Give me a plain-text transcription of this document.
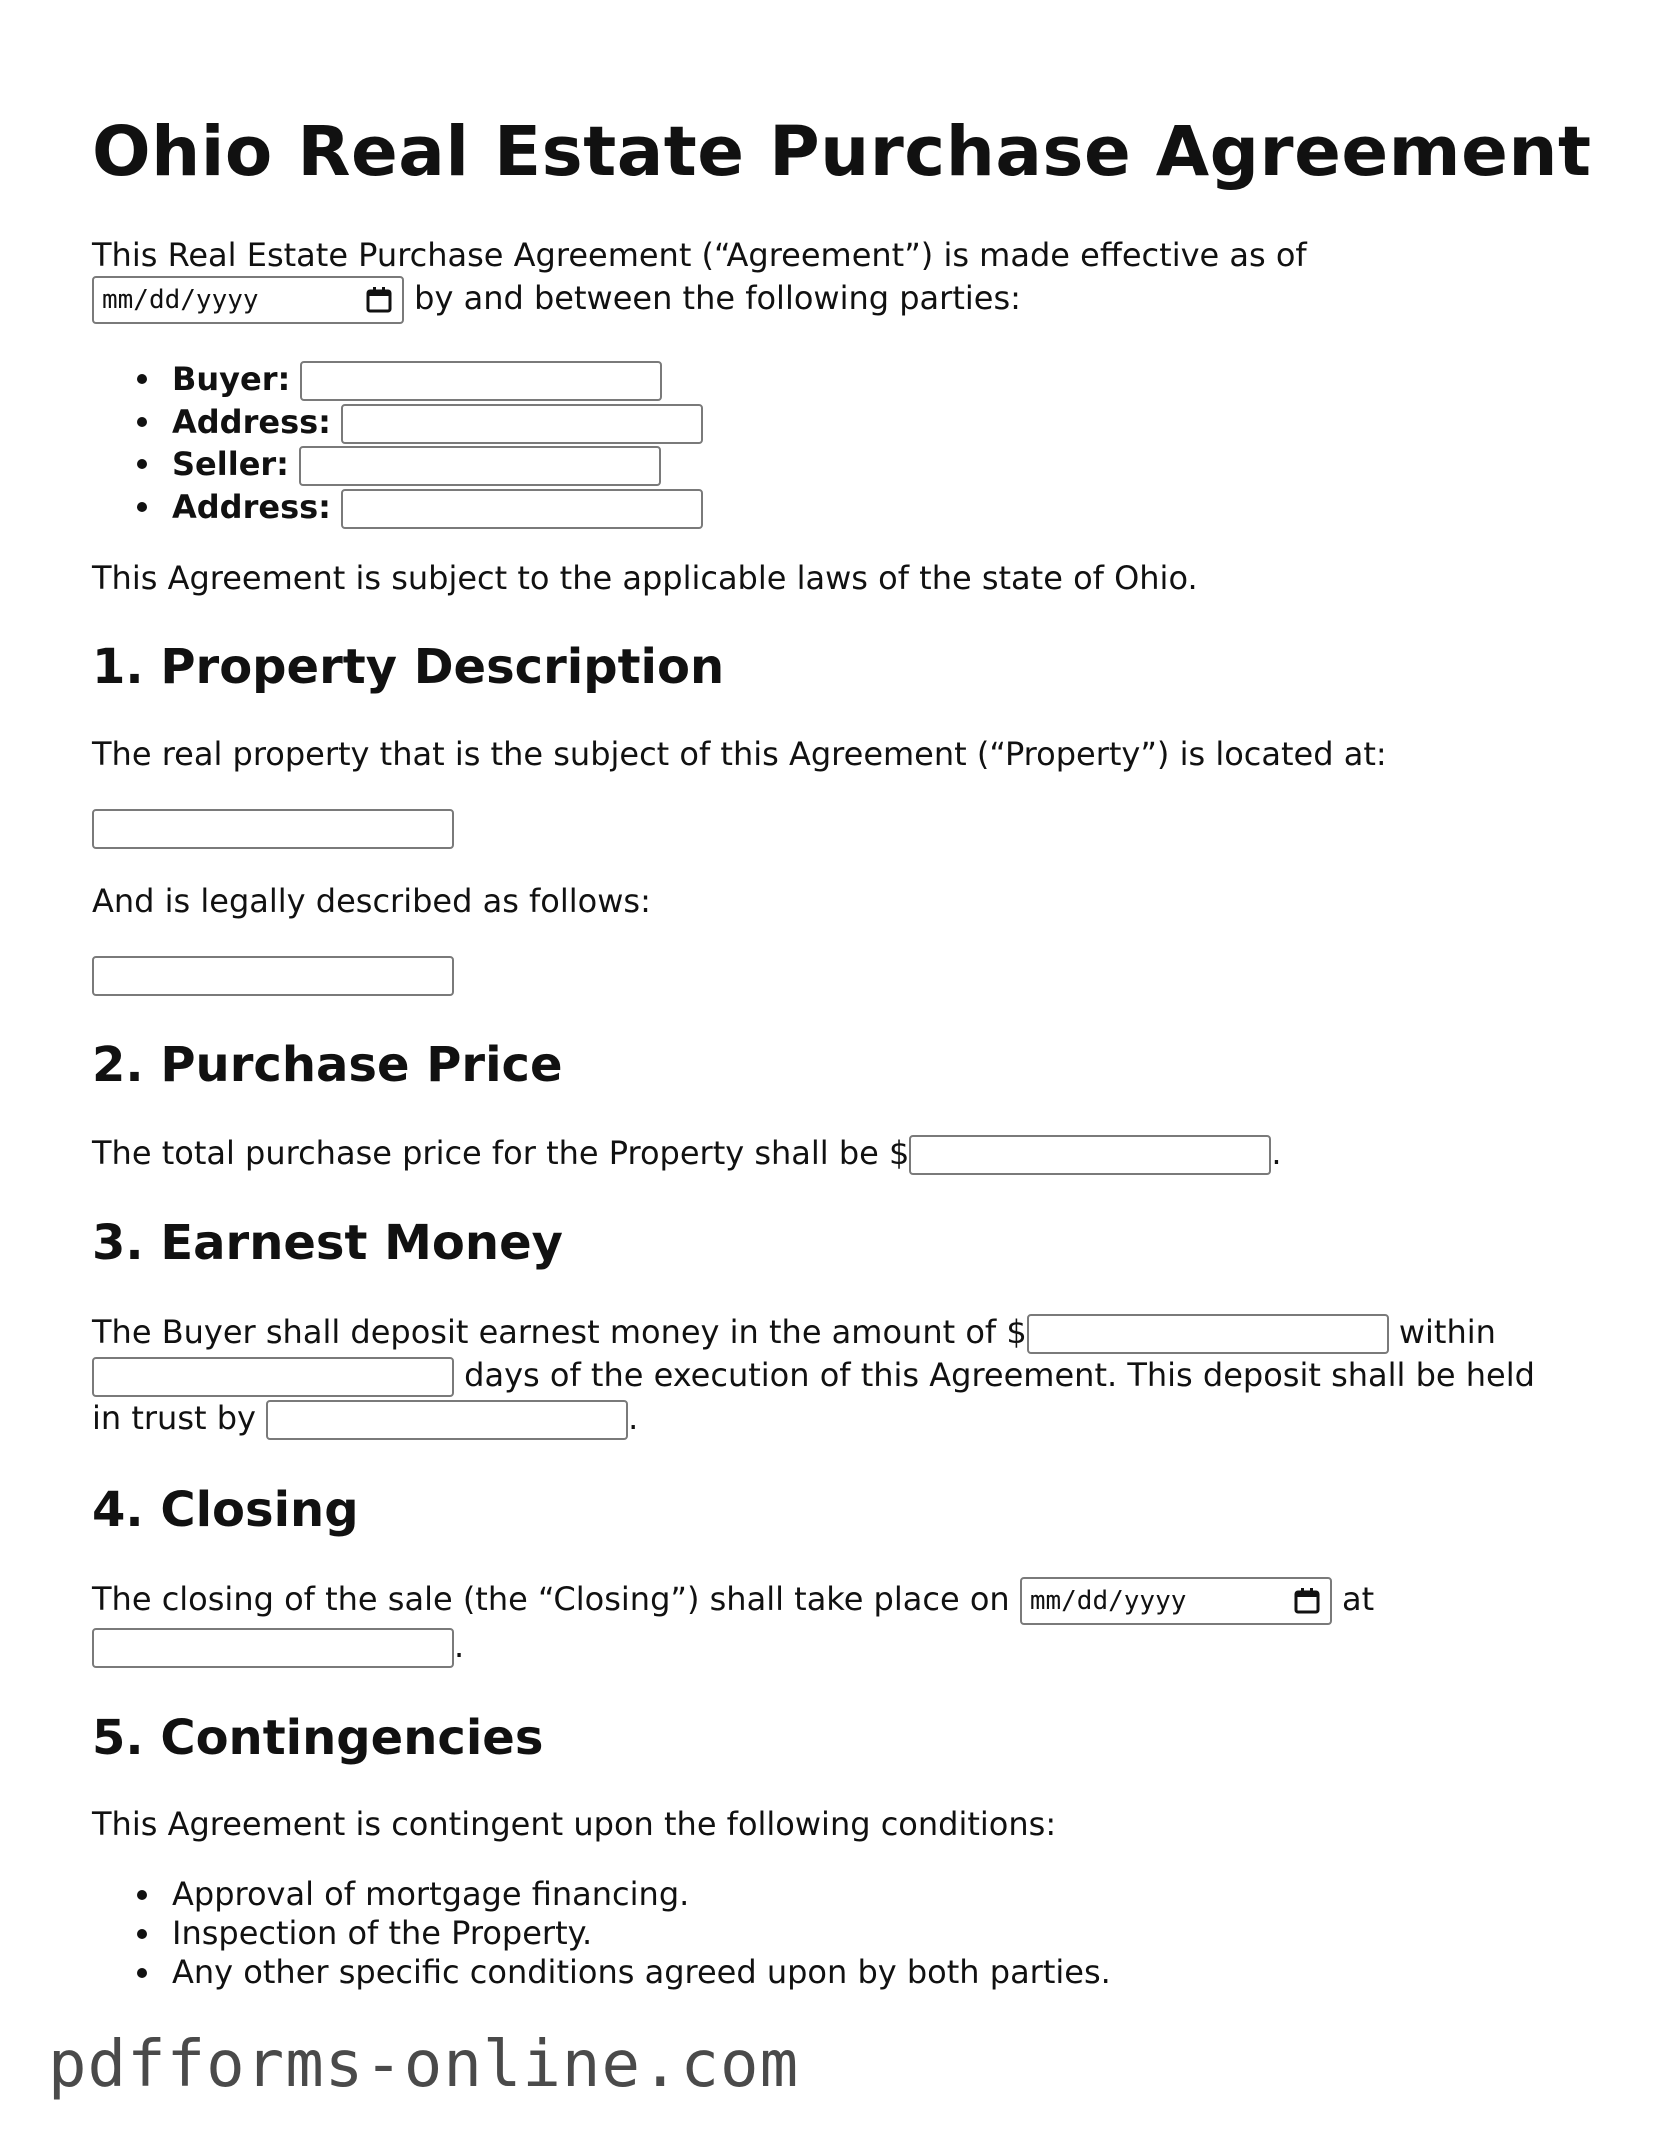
Ohio Real Estate Purchase Agreement
This Real Estate Purchase Agreement (“Agreement”) is made effective as of

mm/dd/yyyy	by and between the following parties:
Buyer:
Address:
Seller:
Address:
This Agreement is subject to the applicable laws of the state of Ohio.
1. Property Description
The real property that is the subject of this Agreement (“Property”) is located at:
And is legally described as follows:
2. Purchase Price
The total purchase price for the Property shall be $	.
3. Earnest Money
The Buyer shall deposit earnest money in the amount of $	within
days of the execution of this Agreement. This deposit shall be held
in trust by	.
4. Closing
The closing of the sale (the “Closing”) shall take place on mm/dd/yyyy	at
.
5. Contingencies
This Agreement is contingent upon the following conditions:
Approval of mortgage financing.
Inspection of the Property.
Any other specific conditions agreed upon by both parties.
pdfforms-online.com
